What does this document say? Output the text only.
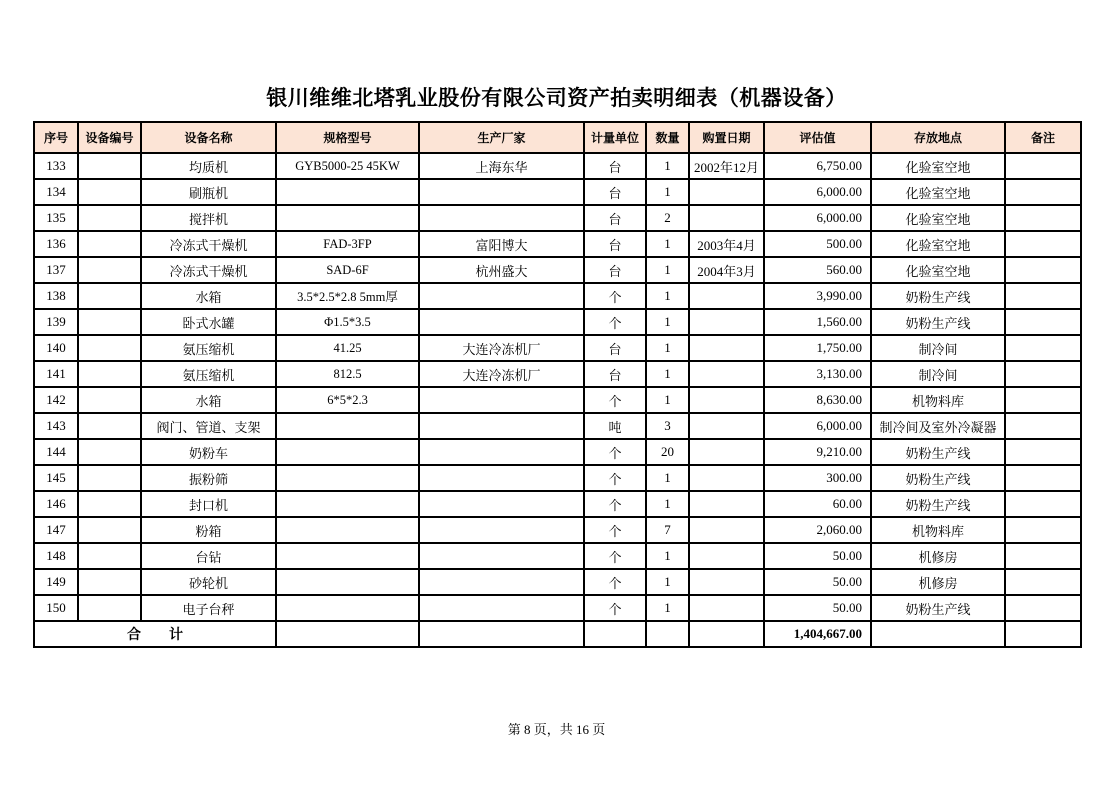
银川维维北塔乳业股份有限公司资产拍卖明细表（机器设备）
序号	设备编号	设备名称	规格型号	生产厂家	计量单位	数量	购置日期	评估值	存放地点	备注
133		均质机	GYB5000-25 45KW	上海东华	台	1	2002年12月	6,750.00	化验室空地	
134		刷瓶机			台	1		6,000.00	化验室空地	
135		搅拌机			台	2		6,000.00	化验室空地	
136		冷冻式干燥机	FAD-3FP	富阳博大	台	1	2003年4月	500.00	化验室空地	
137		冷冻式干燥机	SAD-6F	杭州盛大	台	1	2004年3月	560.00	化验室空地	
138		水箱	3.5*2.5*2.8 5mm厚		个	1		3,990.00	奶粉生产线	
139		卧式水罐	Φ1.5*3.5		个	1		1,560.00	奶粉生产线	
140		氨压缩机	41.25	大连冷冻机厂	台	1		1,750.00	制冷间	
141		氨压缩机	812.5	大连冷冻机厂	台	1		3,130.00	制冷间	
142		水箱	6*5*2.3		个	1		8,630.00	机物料库	
143		阀门、管道、支架			吨	3		6,000.00	制冷间及室外冷凝器	
144		奶粉车			个	20		9,210.00	奶粉生产线	
145		振粉筛			个	1		300.00	奶粉生产线	
146		封口机			个	1		60.00	奶粉生产线	
147		粉箱			个	7		2,060.00	机物料库	
148		台钻			个	1		50.00	机修房	
149		砂轮机			个	1		50.00	机修房	
150		电子台秤			个	1		50.00	奶粉生产线	
合　　计								1,404,667.00		
第 8 页，共 16 页
